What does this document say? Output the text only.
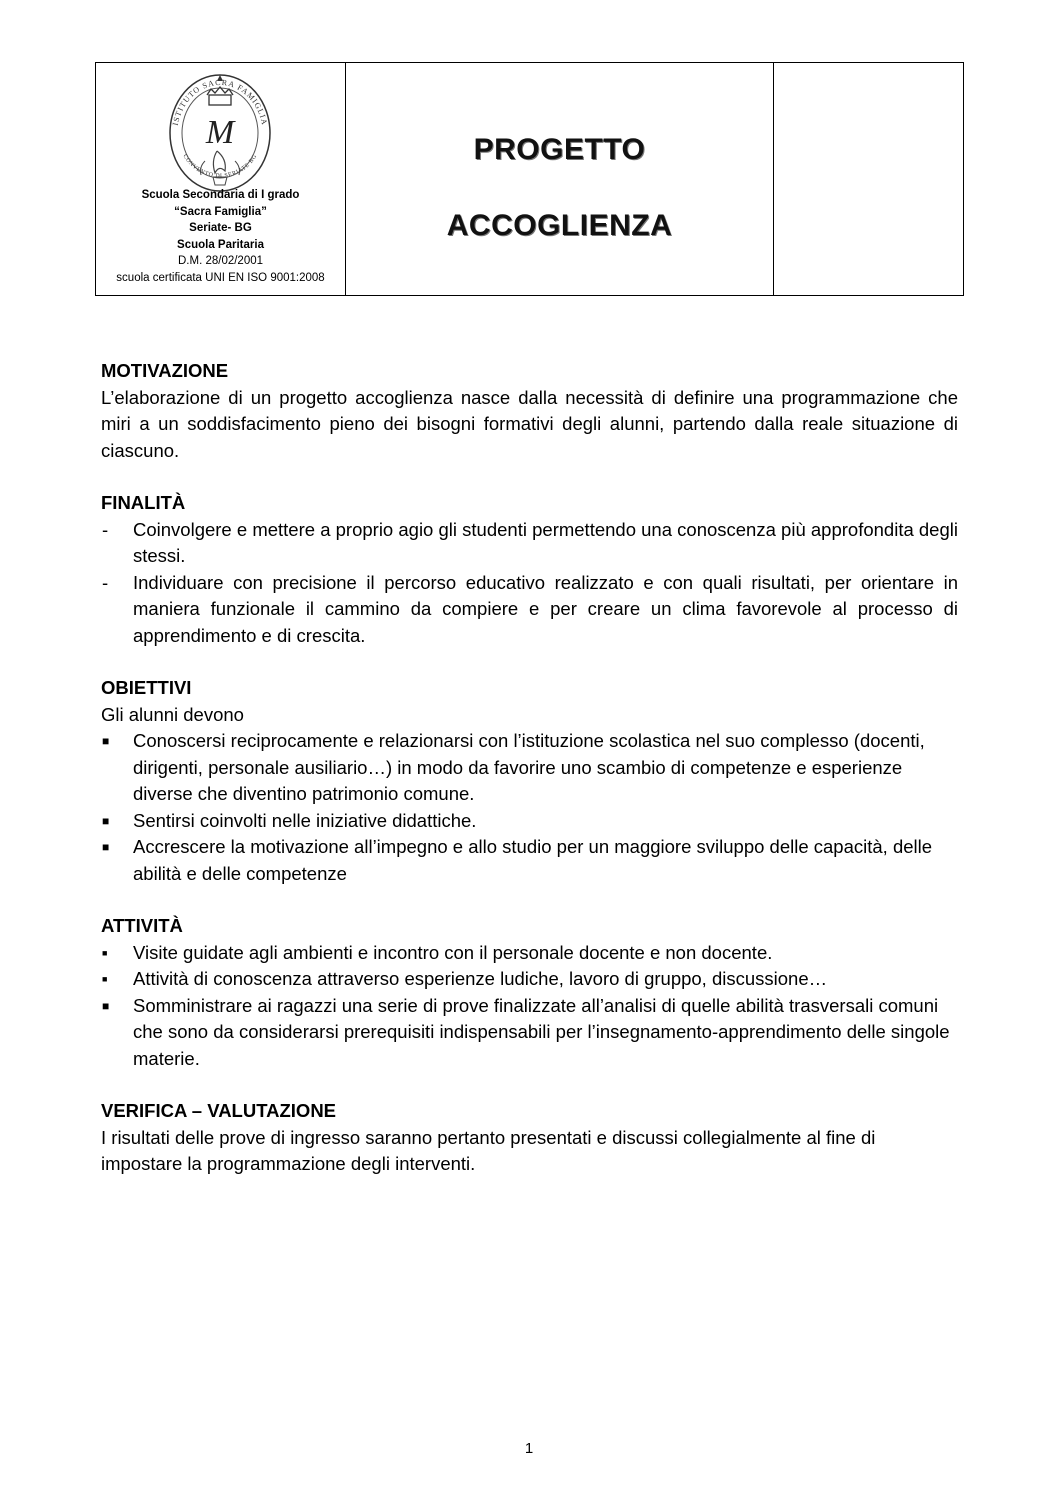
M
ISTITUTO SACRA FAMIGLIA
CONVENTO DI SERIATE BG
Scuola Secondaria di I grado
“Sacra Famiglia”
Seriate- BG
Scuola Paritaria
D.M. 28/02/2001
scuola certificata UNI EN ISO 9001:2008
PROGETTO
ACCOGLIENZA
MOTIVAZIONE
L’elaborazione di un progetto accoglienza nasce dalla necessità di definire una programmazione che miri a un soddisfacimento pieno dei bisogni formativi degli alunni, partendo dalla reale situazione di ciascuno.
FINALITÀ
-	Coinvolgere e mettere a proprio agio gli studenti permettendo una conoscenza più approfondita degli stessi.
-	Individuare con precisione il percorso educativo realizzato e con quali risultati, per orientare in maniera funzionale il cammino da compiere e per creare un clima favorevole al processo di apprendimento e di crescita.
OBIETTIVI
Gli alunni devono
■	Conoscersi reciprocamente e relazionarsi con l’istituzione scolastica nel suo complesso (docenti, dirigenti, personale ausiliario…) in modo da favorire uno scambio di competenze e esperienze diverse che diventino patrimonio comune.
■	Sentirsi coinvolti nelle iniziative didattiche.
■	Accrescere la motivazione all’impegno e allo studio per un maggiore sviluppo delle capacità, delle abilità e delle competenze
ATTIVITÀ
■	Visite guidate agli ambienti e incontro con il personale docente e non docente.
■	Attività di conoscenza attraverso esperienze ludiche, lavoro di gruppo, discussione…
■	Somministrare ai ragazzi una serie di prove finalizzate all’analisi di quelle abilità trasversali comuni che sono da considerarsi prerequisiti indispensabili per l’insegnamento-apprendimento delle singole materie.
VERIFICA – VALUTAZIONE
I risultati delle prove di ingresso saranno pertanto presentati e discussi collegialmente al fine di impostare la programmazione degli interventi.
1
